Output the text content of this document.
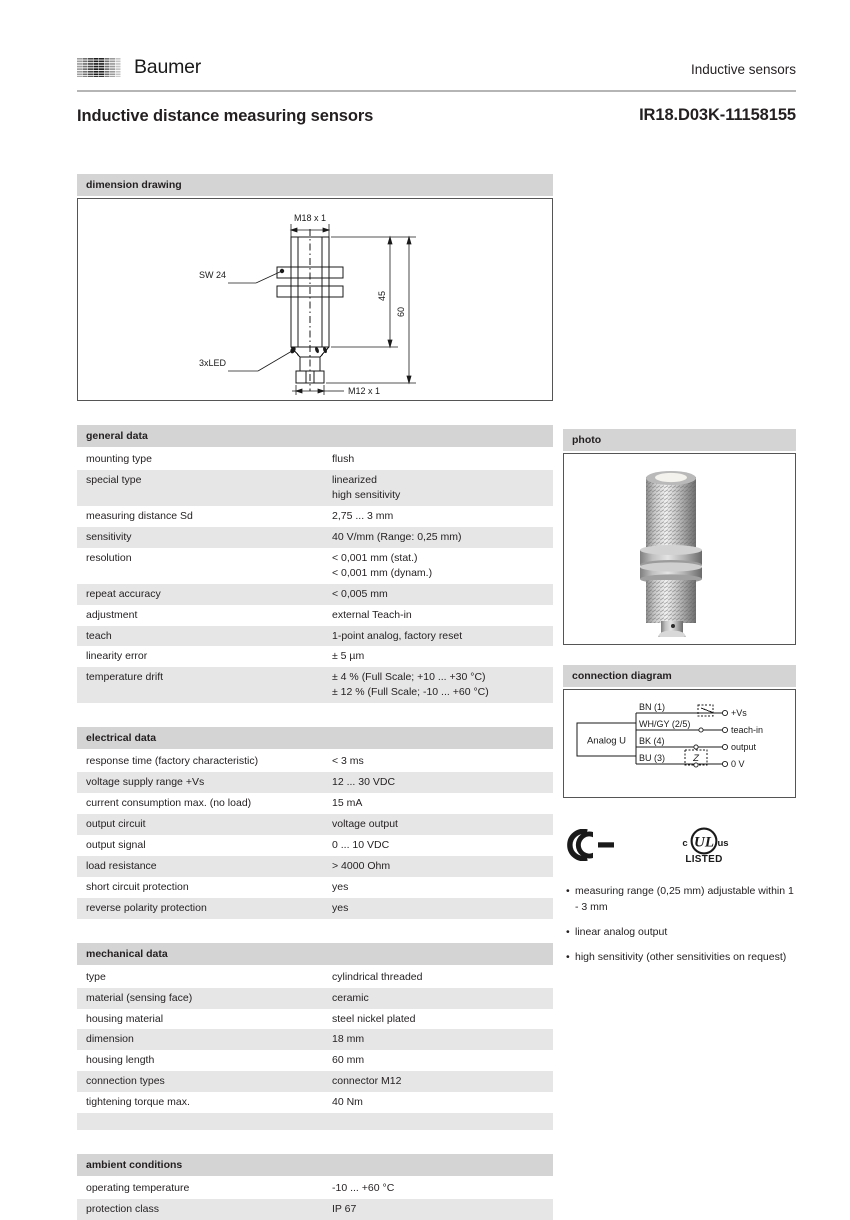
Baumer	Inductive sensors
Inductive distance measuring sensors	IR18.D03K-11158155
dimension drawing
M18 x 1
45
60
M12 x 1
SW 24
3xLED
general data
mounting type	flush
special type	linearized
high sensitivity
measuring distance Sd	2,75 ... 3 mm
sensitivity	40 V/mm (Range: 0,25 mm)
resolution	< 0,001 mm (stat.)
< 0,001 mm (dynam.)
repeat accuracy	< 0,005 mm
adjustment	external Teach-in
teach	1-point analog, factory reset
linearity error	± 5 µm
temperature drift	± 4 % (Full Scale; +10 ... +30 °C)
± 12 % (Full Scale; -10 ... +60 °C)
electrical data
response time (factory characteristic)	< 3 ms
voltage supply range +Vs	12 ... 30 VDC
current consumption max. (no load)	15 mA
output circuit	voltage output
output signal	0 ... 10 VDC
load resistance	> 4000 Ohm
short circuit protection	yes
reverse polarity protection	yes
mechanical data
type	cylindrical threaded
material (sensing face)	ceramic
housing material	steel nickel plated
dimension	18 mm
housing length	60 mm
connection types	connector M12
tightening torque max.	40 Nm

ambient conditions
operating temperature	-10 ... +60 °C
protection class	IP 67
photo
connection diagram
Analog U
BN (1)
WH/GY (2/5)
BK (4)
BU (3)
+Vs
teach-in
output
0 V
Z
UL
c	us
LISTED
• measuring range (0,25 mm) adjustable within 1 - 3 mm
• linear analog output
• high sensitivity (other sensitivities on request)
